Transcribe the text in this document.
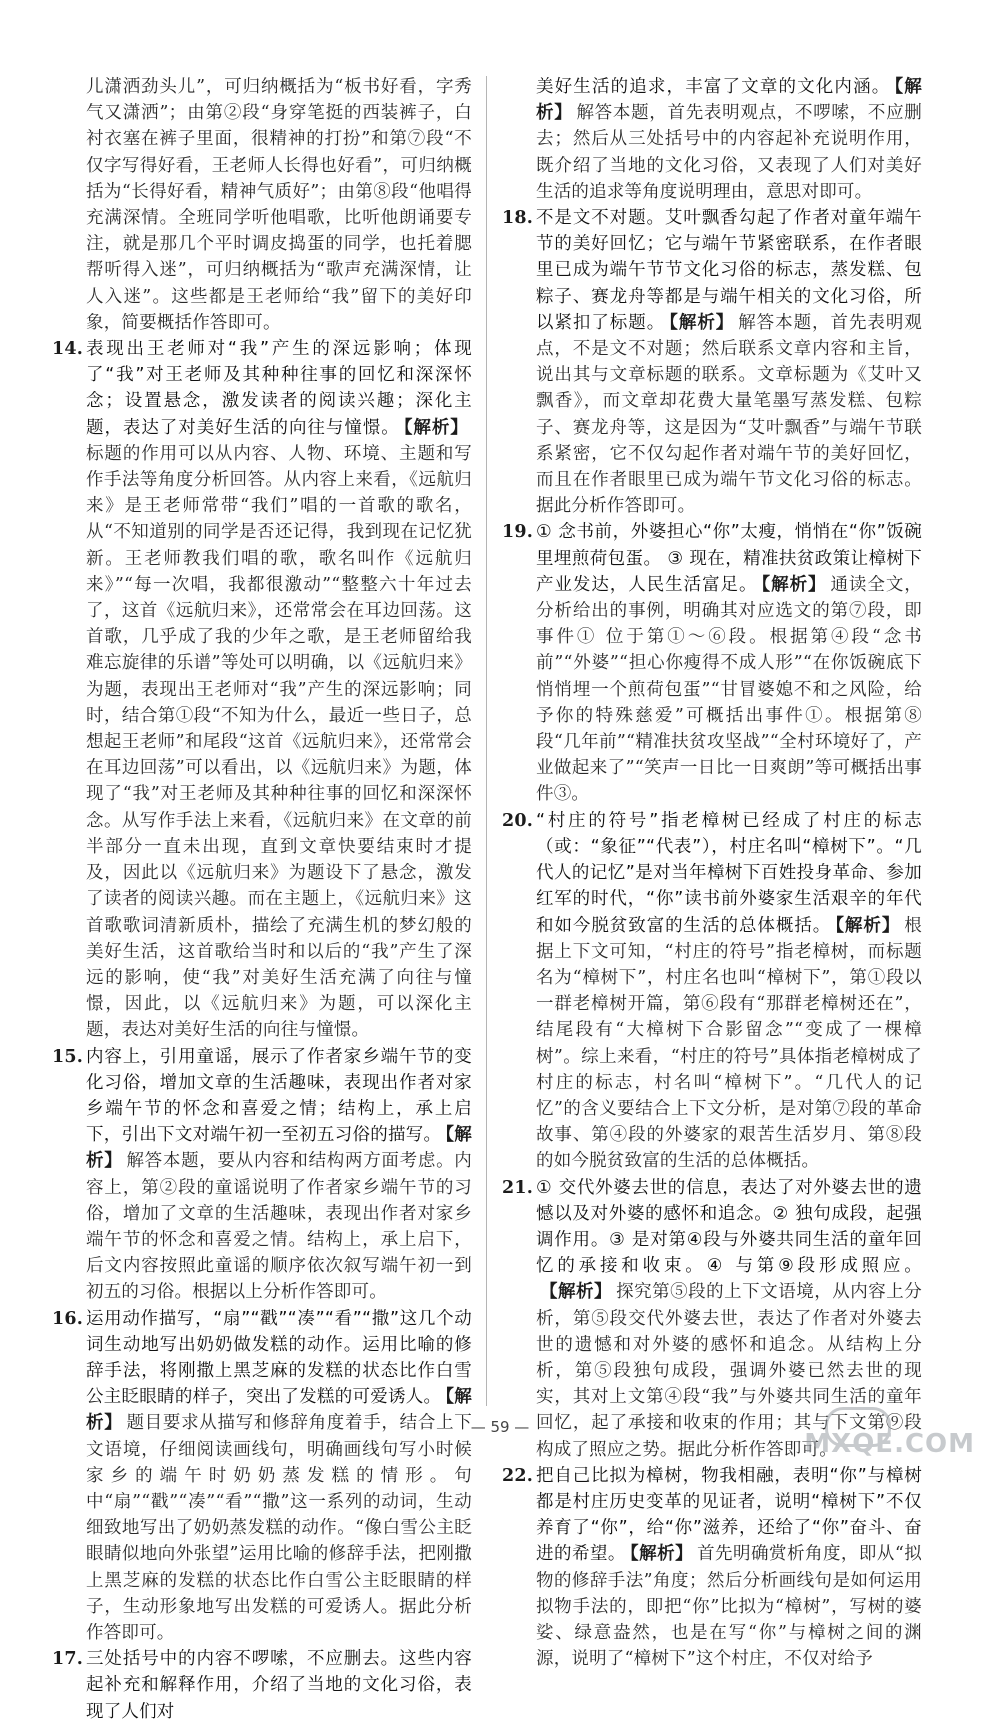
儿潇洒劲头儿”，可归纳概括为“板书好看，字秀气又潇洒”；由第②段“身穿笔挺的西装裤子，白衬衣塞在裤子里面，很精神的打扮”和第⑦段“不仅字写得好看，王老师人长得也好看”，可归纳概括为“长得好看，精神气质好”；由第⑧段“他唱得充满深情。全班同学听他唱歌，比听他朗诵要专注，就是那几个平时调皮捣蛋的同学，也托着腮帮听得入迷”，可归纳概括为“歌声充满深情，让人入迷”。这些都是王老师给“我”留下的美好印象，简要概括作答即可。
14. 表现出王老师对“我”产生的深远影响；体现了“我”对王老师及其种种往事的回忆和深深怀念；设置悬念，激发读者的阅读兴趣；深化主题，表达了对美好生活的向往与憧憬。 【解析】标题的作用可以从内容、人物、环境、主题和写作手法等角度分析回答。从内容上来看，《远航归来》是王老师常带“我们”唱的一首歌的歌名，从“不知道别的同学是否还记得，我到现在记忆犹新。王老师教我们唱的歌，歌名叫作《远航归来》”“每一次唱，我都很激动”“整整六十年过去了，这首《远航归来》，还常常会在耳边回荡。这首歌，几乎成了我的少年之歌，是王老师留给我难忘旋律的乐谱”等处可以明确，以《远航归来》为题，表现出王老师对“我”产生的深远影响；同时，结合第①段“不知为什么，最近一些日子，总想起王老师”和尾段“这首《远航归来》，还常常会在耳边回荡”可以看出，以《远航归来》为题，体现了“我”对王老师及其种种往事的回忆和深深怀念。从写作手法上来看，《远航归来》在文章的前半部分一直未出现，直到文章快要结束时才提及，因此以《远航归来》为题设下了悬念，激发了读者的阅读兴趣。而在主题上，《远航归来》这首歌歌词清新质朴，描绘了充满生机的梦幻般的美好生活，这首歌给当时和以后的“我”产生了深远的影响，使“我”对美好生活充满了向往与憧憬，因此，以《远航归来》为题，可以深化主题，表达对美好生活的向往与憧憬。
15. 内容上，引用童谣，展示了作者家乡端午节的变化习俗，增加文章的生活趣味，表现出作者对家乡端午节的怀念和喜爱之情；结构上，承上启下，引出下文对端午初一至初五习俗的描写。 【解析】 解答本题，要从内容和结构两方面考虑。内容上，第②段的童谣说明了作者家乡端午节的习俗，增加了文章的生活趣味，表现出作者对家乡端午节的怀念和喜爱之情。结构上，承上启下，后文内容按照此童谣的顺序依次叙写端午初一到初五的习俗。根据以上分析作答即可。
16. 运用动作描写，“扇”“戳”“凑”“看”“撒”这几个动词生动地写出奶奶做发糕的动作。运用比喻的修辞手法，将刚撒上黑芝麻的发糕的状态比作白雪公主眨眼睛的样子，突出了发糕的可爱诱人。 【解析】 题目要求从描写和修辞角度着手，结合上下文语境，仔细阅读画线句，明确画线句写小时候家乡的端午时奶奶蒸发糕的情形。句中“扇”“戳”“凑”“看”“撒”这一系列的动词，生动细致地写出了奶奶蒸发糕的动作。“像白雪公主眨眼睛似地向外张望”运用比喻的修辞手法，把刚撒上黑芝麻的发糕的状态比作白雪公主眨眼睛的样子，生动形象地写出发糕的可爱诱人。据此分析作答即可。
17. 三处括号中的内容不啰嗦，不应删去。这些内容起补充和解释作用，介绍了当地的文化习俗，表现了人们对
美好生活的追求，丰富了文章的文化内涵。 【解析】 解答本题，首先表明观点，不啰嗦，不应删去；然后从三处括号中的内容起补充说明作用，既介绍了当地的文化习俗，又表现了人们对美好生活的追求等角度说明理由，意思对即可。
18. 不是文不对题。艾叶飘香勾起了作者对童年端午节的美好回忆；它与端午节紧密联系，在作者眼里已成为端午节节文化习俗的标志，蒸发糕、包粽子、赛龙舟等都是与端午相关的文化习俗，所以紧扣了标题。 【解析】 解答本题，首先表明观点，不是文不对题；然后联系文章内容和主旨，说出其与文章标题的联系。文章标题为《艾叶又飘香》，而文章却花费大量笔墨写蒸发糕、包粽子、赛龙舟等，这是因为“艾叶飘香”与端午节联系紧密，它不仅勾起作者对端午节的美好回忆，而且在作者眼里已成为端午节文化习俗的标志。据此分析作答即可。
19. ① 念书前，外婆担心“你”太瘦，悄悄在“你”饭碗里埋煎荷包蛋。 ③ 现在，精准扶贫政策让樟树下产业发达，人民生活富足。 【解析】 通读全文，分析给出的事例，明确其对应选文的第⑦段，即事件① 位于第①～⑥段。根据第④段“念书前”“外婆”“担心你瘦得不成人形”“在你饭碗底下悄悄埋一个煎荷包蛋”“甘冒婆媳不和之风险，给予你的特殊慈爱”可概括出事件①。根据第⑧段“几年前”“精准扶贫攻坚战”“全村环境好了，产业做起来了”“笑声一日比一日爽朗”等可概括出事件③。
20. “村庄的符号”指老樟树已经成了村庄的标志（或：“象征”“代表”），村庄名叫“樟树下”。“几代人的记忆”是对当年樟树下百姓投身革命、参加红军的时代，“你”读书前外婆家生活艰辛的年代和如今脱贫致富的生活的总体概括。 【解析】 根据上下文可知，“村庄的符号”指老樟树，而标题名为“樟树下”，村庄名也叫“樟树下”，第①段以一群老樟树开篇，第⑥段有“那群老樟树还在”，结尾段有“大樟树下合影留念”“变成了一棵樟树”。综上来看，“村庄的符号”具体指老樟树成了村庄的标志，村名叫“樟树下”。“几代人的记忆”的含义要结合上下文分析，是对第⑦段的革命故事、第④段的外婆家的艰苦生活岁月、第⑧段的如今脱贫致富的生活的总体概括。
21. ① 交代外婆去世的信息，表达了对外婆去世的遗憾以及对外婆的感怀和追念。② 独句成段，起强调作用。③ 是对第④段与外婆共同生活的童年回忆的承接和收束。④ 与第⑨段形成照应。【解析】 探究第⑤段的上下文语境，从内容上分析，第⑤段交代外婆去世，表达了作者对外婆去世的遗憾和对外婆的感怀和追念。从结构上分析，第⑤段独句成段，强调外婆已然去世的现实，其对上文第④段“我”与外婆共同生活的童年回忆，起了承接和收束的作用；其与下文第⑨段构成了照应之势。据此分析作答即可。
22. 把自己比拟为樟树，物我相融，表明“你”与樟树都是村庄历史变革的见证者，说明“樟树下”不仅养育了“你”，给“你”滋养，还给了“你”奋斗、奋进的希望。 【解析】 首先明确赏析角度，即从“拟物的修辞手法”角度；然后分析画线句是如何运用拟物手法的，即把“你”比拟为“樟树”，写树的婆娑、绿意盎然，也是在写“你”与樟树之间的渊源，说明了“樟树下”这个村庄，不仅对给予
— 59 —
MXQE.COM
